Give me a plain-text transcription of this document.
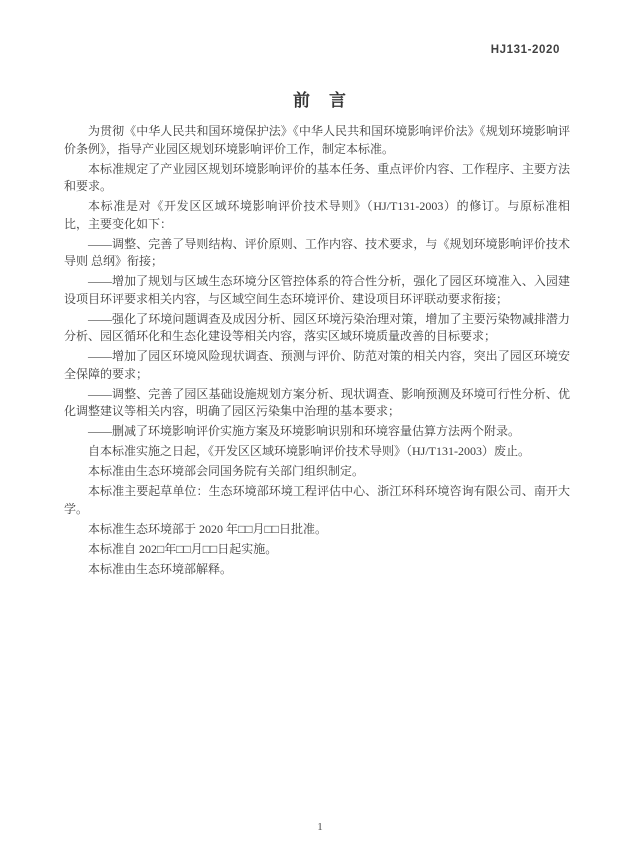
HJ131-2020
前　言

为贯彻《中华人民共和国环境保护法》《中华人民共和国环境影响评价法》《规划环境影响评价条例》，指导产业园区规划环境影响评价工作，制定本标准。

本标准规定了产业园区规划环境影响评价的基本任务、重点评价内容、工作程序、主要方法和要求。

本标准是对《开发区区域环境影响评价技术导则》（HJ/T131-2003）的修订。与原标准相比，主要变化如下：

——调整、完善了导则结构、评价原则、工作内容、技术要求，与《规划环境影响评价技术导则 总纲》衔接；

——增加了规划与区域生态环境分区管控体系的符合性分析，强化了园区环境准入、入园建设项目环评要求相关内容，与区域空间生态环境评价、建设项目环评联动要求衔接；

——强化了环境问题调查及成因分析、园区环境污染治理对策，增加了主要污染物减排潜力分析、园区循环化和生态化建设等相关内容，落实区域环境质量改善的目标要求；

——增加了园区环境风险现状调查、预测与评价、防范对策的相关内容，突出了园区环境安全保障的要求；

——调整、完善了园区基础设施规划方案分析、现状调查、影响预测及环境可行性分析、优化调整建议等相关内容，明确了园区污染集中治理的基本要求；

——删减了环境影响评价实施方案及环境影响识别和环境容量估算方法两个附录。

自本标准实施之日起，《开发区区域环境影响评价技术导则》（HJ/T131-2003）废止。

本标准由生态环境部会同国务院有关部门组织制定。

本标准主要起草单位：生态环境部环境工程评估中心、浙江环科环境咨询有限公司、南开大学。

本标准生态环境部于 2020 年□□月□□日批准。

本标准自 202□年□□月□□日起实施。

本标准由生态环境部解释。

1
